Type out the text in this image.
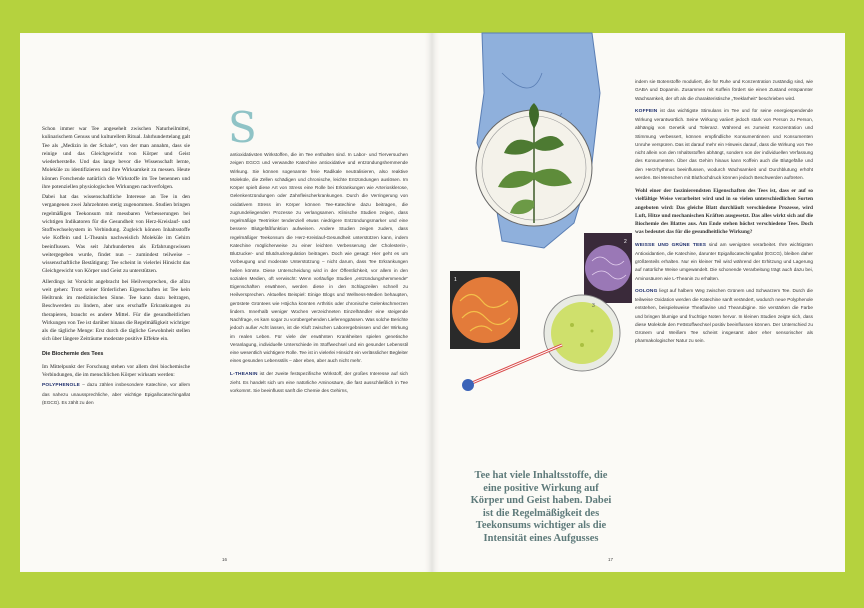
S

Schon immer war Tee angesehelt zwischen Naturheilmittel, kulinarischem Genuss und kulturellem Ritual. Jahrhundertelang galt Tee als „Medizin in der Schale“, von der man annahm, dass sie reinige und das Gleichgewicht von Körper und Geist wiederherstelle. Und das lange bevor die Wissenschaft lernte, Moleküle zu identifizieren und ihre Wirksamkeit zu messen. Heute können Forschende natürlich die Wirkstoffe im Tee benennen und ihre potenziellen physiologischen Wirkungen nachverfolgen.

Dabei hat das wissenschaftliche Interesse an Tee in den vergangenen zwei Jahrzehnten stetig zugenommen. Studien bringen regelmäßigen Teekonsum mit messbaren Verbesserungen bei wichtigen Indikatoren für die Gesundheit von Herz-Kreislauf- und Stoffwechselsystem in Verbindung. Zugleich können Inhaltsstoffe wie Koffein und L-Theanin nachweislich Moleküle im Gehirn beeinflussen. Was seit Jahrhunderten als Erfahrungswissen weitergegeben wurde, findet nun – zumindest teilweise – wissenschaftliche Bestätigung: Tee scheint in vielerlei Hinsicht das Gleichgewicht von Körper und Geist zu unterstützen.

Allerdings ist Vorsicht angebracht bei Heilversprechen, die allzu weit gehen: Trotz seiner förderlichen Eigenschaften ist Tee kein Heiltrunk im medizinischen Sinne. Tee kann dazu beitragen, Beschwerden zu lindern, aber uns erschaffe Erkrankungen zu therapieren, braucht es andere Mittel. Für die gesundheitlichen Wirkungen von Tee ist darüber hinaus die Regelmäßigkeit wichtiger als die tägliche Menge: Erst durch die tägliche Gewohnheit stellen sich über längere Zeiträume moderate positive Effekte ein.

Die Biochemie des Tees

Im Mittelpunkt der Forschung stehen vor allem drei biochemische Verbindungen, die im menschlichen Körper wirksam werden:

POLYPHENOLE – dazu zählen insbesondere Katechine, vor allem das nahezu unaussprechliche, aber wichtige Epigallocatechingallat (EGCG). Es zählt zu den

antioxidativsten Wirkstoffen, die im Tee enthalten sind. In Labor- und Tierversuchen zeigen EGCG und verwandte Katechine antioxidative und entzündungshemmende Wirkung. Sie können sogenannte freie Radikale neutralisieren, also reaktive Moleküle, die Zellen schädigen und chronische, leichte Entzündungen auslösen. Im Körper spielt diese Art von Stress eine Rolle bei Erkrankungen wie Arteriosklerose, Gelenkentzündungen oder Zahnfleischerkrankungen. Durch die Verringerung von oxidativem Stress im Körper können Tee-Katechine dazu beitragen, die zugrundeliegenden Prozesse zu verlangsamen. Klinische Studien zeigen, dass regelmäßige Teetrinker tendenziell etwas niedrigere Entzündungsmarker und eine bessere Blutgefäßfunktion aufweisen. Andere Studien zeigen zudem, dass regelmäßiger Teekonsum die Herz-Kreislauf-Gesundheit unterstützen kann, indem Katechine möglicherweise zu einer leichten Verbesserung der Cholesterin-, Blutzucker- und Blutdruckregulation beitragen. Doch wie gesagt: Hier geht es um Vorbeugung und moderate Unterstützung – nicht darum, dass Tee Erkrankungen heilen könnte. Diese Unterscheidung wird in der Öffentlichkeit, vor allem in den sozialen Medien, oft verwischt: Wenn vorläufige Studien „entzündungshemmende“ Eigenschaften erwähnen, werden diese in den Schlagzeilen schnell zu Heilversprechen. Aktuelles Beispiel: Einige Blogs und Wellness-Medien behaupten, geröstete Grüntees wie Hōjicha könnten Arthritis oder chronische Gelenkschmerzen lindern. Innerhalb weniger Wochen verzeichneten Einzelhändler eine steigende Nachfrage, es kam sogar zu vorübergehenden Lieferengpässen. Was solche Berichte jedoch außer Acht lassen, ist die Kluft zwischen Laborergebnissen und der Wirkung im realen Leben. Für viele der erwähnten Krankheiten spielen genetische Veranlagung, individuelle Unterschiede im Stoffwechsel und ein gesunder Lebensstil eine wesentlich wichtigere Rolle. Tee ist in vielerlei Hinsicht ein verlässlicher Begleiter eines gesunden Lebensstils – aber eben, aber auch nicht mehr.

L-THEANIN ist der zweite festspezifische Wirkstoff, der großes Interesse auf sich zieht. Es handelt sich um eine natürliche Aminosäure, die fast ausschließlich in Tee vorkommt. Sie beeinflusst sanft die Chemie des Gehirns,

16
1
2
3

indem sie Botenstoffe moduliert, die für Ruhe und Konzentration zuständig sind, wie GABA und Dopamin. Zusammen mit Koffein fördert sie einen Zustand entspannter Wachsamkeit, der oft als die charakteristische „Teeklarheit“ beschrieben wird.

KOFFEIN ist das wichtigste Stimulans im Tee und für seine energiespendende Wirkung verantwortlich. Seine Wirkung variiert jedoch stark von Person zu Person, abhängig von Genetik und Toleranz. Während es zumeist Konzentration und Stimmung verbessert, können empfindliche Konsumentinnen und Konsumenten Unruhe verspüren. Das ist darauf mehr ein Hinweis darauf, dass die Wirkung von Tee nicht allein von den Inhaltsstoffen abhängt, sondern von der individuellen Verfassung des Konsumenten. Über das Gehirn hinaus kann Koffein auch die Blutgefäße und den Herzrhythmus beeinflussen, wodurch Wachsamkeit und Durchblutung erhöht werden. Bei Menschen mit Bluthochdruck können jedoch Beschwerden auftreten.

Wohl einer der faszinierendsten Eigenschaften des Tees ist, dass er auf so vielfältige Weise verarbeitet wird und in so vielen unterschiedlichen Sorten angeboten wird: Das gleiche Blatt durchläuft verschiedene Prozesse, wird Luft, Hitze und mechanischen Kräften ausgesetzt. Das alles wirkt sich auf die Biochemie des Blattes aus. Am Ende stehen höchst verschiedene Tees. Doch was bedeutet das für die gesundheitliche Wirkung?

WEISSE UND GRÜNE TEES sind am wenigsten verarbeitet. Ihre wichtigsten Antioxidantien, die Katechine, darunter Epigallocatechingallat (EGCG), bleiben daher größtenteils erhalten. Nur ein kleiner Teil wird während der Erhitzung und Lagerung auf natürliche Weise umgewandelt. Die schonende Verarbeitung trägt auch dazu bei, Aminosäuren wie L-Theanin zu erhalten.

OOLONG liegt auf halbem Weg zwischen Grünem und Schwarzem Tee. Durch die teilweise Oxidation werden die Katechine sanft verändert, wodurch neue Polyphenole entstehen, beispielsweise Theaflavine und Thearubigine. Sie verstärken die Farbe und bringen blumige und fruchtige Noten hervor. In kleinen Studien zeigte sich, dass diese Moleküle den Fettstoffwechsel positiv beeinflussen können. Der Unterschied zu Grünem und Weißem Tee scheint insgesamt aber eher sensorischer als pharmakologischer Natur zu sein.

Tee hat viele Inhaltsstoffe, die eine positive Wirkung auf Körper und Geist haben. Dabei ist die Regelmäßigkeit des Teekonsums wichtiger als die Intensität eines Aufgusses

17
